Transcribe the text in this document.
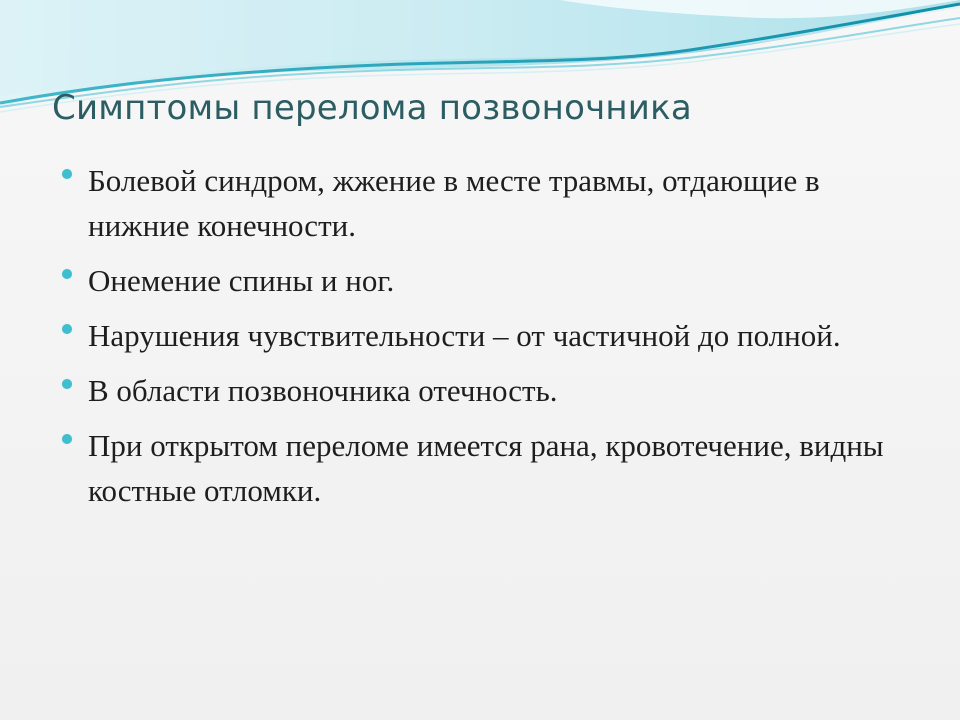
Симптомы перелома позвоночника
Болевой синдром, жжение в месте травмы, отдающие в нижние конечности.
Онемение спины и ног.
Нарушения чувствительности – от частичной до полной.
В области позвоночника отечность.
При открытом переломе имеется рана, кровотечение, видны костные отломки.
